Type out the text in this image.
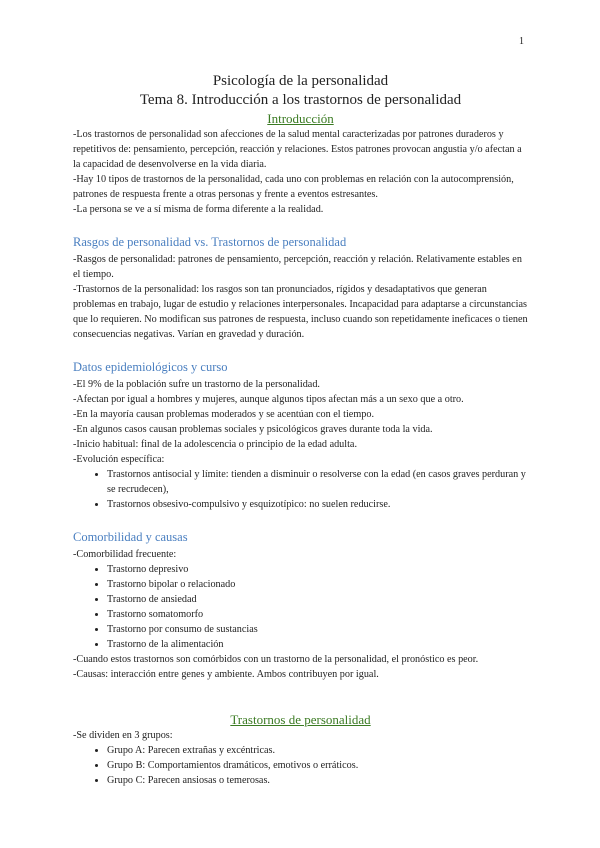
1
Psicología de la personalidad
Tema 8. Introducción a los trastornos de personalidad
Introducción

-Los trastornos de personalidad son afecciones de la salud mental caracterizadas por patrones duraderos y repetitivos de: pensamiento, percepción, reacción y relaciones. Estos patrones provocan angustia y/o afectan a la capacidad de desenvolverse en la vida diaria.

-Hay 10 tipos de trastornos de la personalidad, cada uno con problemas en relación con la autocomprensión, patrones de respuesta frente a otras personas y frente a eventos estresantes.

-La persona se ve a sí misma de forma diferente a la realidad.

Rasgos de personalidad vs. Trastornos de personalidad

-Rasgos de personalidad: patrones de pensamiento, percepción, reacción y relación. Relativamente estables en el tiempo.

-Trastornos de la personalidad: los rasgos son tan pronunciados, rígidos y desadaptativos que generan problemas en trabajo, lugar de estudio y relaciones interpersonales. Incapacidad para adaptarse a circunstancias que lo requieren. No modifican sus patrones de respuesta, incluso cuando son repetidamente ineficaces o tienen consecuencias negativas. Varían en gravedad y duración.

Datos epidemiológicos y curso

-El 9% de la población sufre un trastorno de la personalidad.

-Afectan por igual a hombres y mujeres, aunque algunos tipos afectan más a un sexo que a otro.

-En la mayoría causan problemas moderados y se acentúan con el tiempo.

-En algunos casos causan problemas sociales y psicológicos graves durante toda la vida.

-Inicio habitual: final de la adolescencia o principio de la edad adulta.

-Evolución específica:

• Trastornos antisocial y límite: tienden a disminuir o resolverse con la edad (en casos graves perduran y se recrudecen),
• Trastornos obsesivo-compulsivo y esquizotípico: no suelen reducirse.
Comorbilidad y causas

-Comorbilidad frecuente:

• Trastorno depresivo
• Trastorno bipolar o relacionado
• Trastorno de ansiedad
• Trastorno somatomorfo
• Trastorno por consumo de sustancias
• Trastorno de la alimentación

-Cuando estos trastornos son comórbidos con un trastorno de la personalidad, el pronóstico es peor.

-Causas: interacción entre genes y ambiente. Ambos contribuyen por igual.

Trastornos de personalidad

-Se dividen en 3 grupos:

• Grupo A: Parecen extrañas y excéntricas.
• Grupo B: Comportamientos dramáticos, emotivos o erráticos.
• Grupo C: Parecen ansiosas o temerosas.
